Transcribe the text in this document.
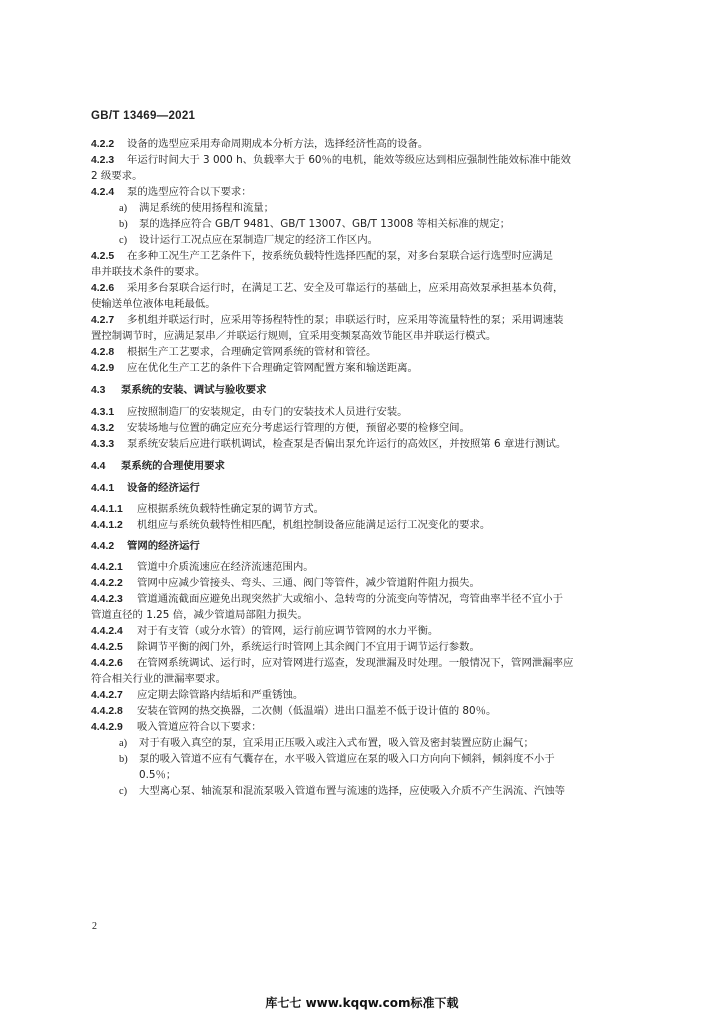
GB/T 13469—2021
4.2.2 设备的选型应采用寿命周期成本分析方法，选择经济性高的设备。
4.2.3 年运行时间大于 3 000 h、负载率大于 60％的电机，能效等级应达到相应强制性能效标准中能效
2 级要求。
4.2.4 泵的选型应符合以下要求：
a) 满足系统的使用扬程和流量；
b) 泵的选择应符合 GB/T 9481、GB/T 13007、GB/T 13008 等相关标准的规定；
c) 设计运行工况点应在泵制造厂规定的经济工作区内。
4.2.5 在多种工况生产工艺条件下，按系统负载特性选择匹配的泵，对多台泵联合运行选型时应满足
串并联技术条件的要求。
4.2.6 采用多台泵联合运行时，在满足工艺、安全及可靠运行的基础上，应采用高效泵承担基本负荷，
使输送单位液体电耗最低。
4.2.7 多机组并联运行时，应采用等扬程特性的泵；串联运行时，应采用等流量特性的泵；采用调速装
置控制调节时，应满足泵串／并联运行规则，宜采用变频泵高效节能区串并联运行模式。
4.2.8 根据生产工艺要求，合理确定管网系统的管材和管径。
4.2.9 应在优化生产工艺的条件下合理确定管网配置方案和输送距离。
4.3 泵系统的安装、调试与验收要求
4.3.1 应按照制造厂的安装规定，由专门的安装技术人员进行安装。
4.3.2 安装场地与位置的确定应充分考虑运行管理的方便，预留必要的检修空间。
4.3.3 泵系统安装后应进行联机调试，检查泵是否偏出泵允许运行的高效区，并按照第 6 章进行测试。
4.4 泵系统的合理使用要求
4.4.1 设备的经济运行
4.4.1.1 应根据系统负载特性确定泵的调节方式。
4.4.1.2 机组应与系统负载特性相匹配，机组控制设备应能满足运行工况变化的要求。
4.4.2 管网的经济运行
4.4.2.1 管道中介质流速应在经济流速范围内。
4.4.2.2 管网中应减少管接头、弯头、三通、阀门等管件，减少管道附件阻力损失。
4.4.2.3 管道通流截面应避免出现突然扩大或缩小、急转弯的分流变向等情况，弯管曲率半径不宜小于
管道直径的 1.25 倍，减少管道局部阻力损失。
4.4.2.4 对于有支管（或分水管）的管网，运行前应调节管网的水力平衡。
4.4.2.5 除调节平衡的阀门外，系统运行时管网上其余阀门不宜用于调节运行参数。
4.4.2.6 在管网系统调试、运行时，应对管网进行巡查，发现泄漏及时处理。一般情况下，管网泄漏率应
符合相关行业的泄漏率要求。
4.4.2.7 应定期去除管路内结垢和严重锈蚀。
4.4.2.8 安装在管网的热交换器，二次侧（低温端）进出口温差不低于设计值的 80％。
4.4.2.9 吸入管道应符合以下要求：
a) 对于有吸入真空的泵，宜采用正压吸入或注入式布置，吸入管及密封装置应防止漏气；
b) 泵的吸入管道不应有气囊存在，水平吸入管道应在泵的吸入口方向向下倾斜，倾斜度不小于
0.5％；
c) 大型离心泵、轴流泵和混流泵吸入管道布置与流速的选择，应使吸入介质不产生涡流、汽蚀等
2
库七七 www.kqqw.com标准下载
